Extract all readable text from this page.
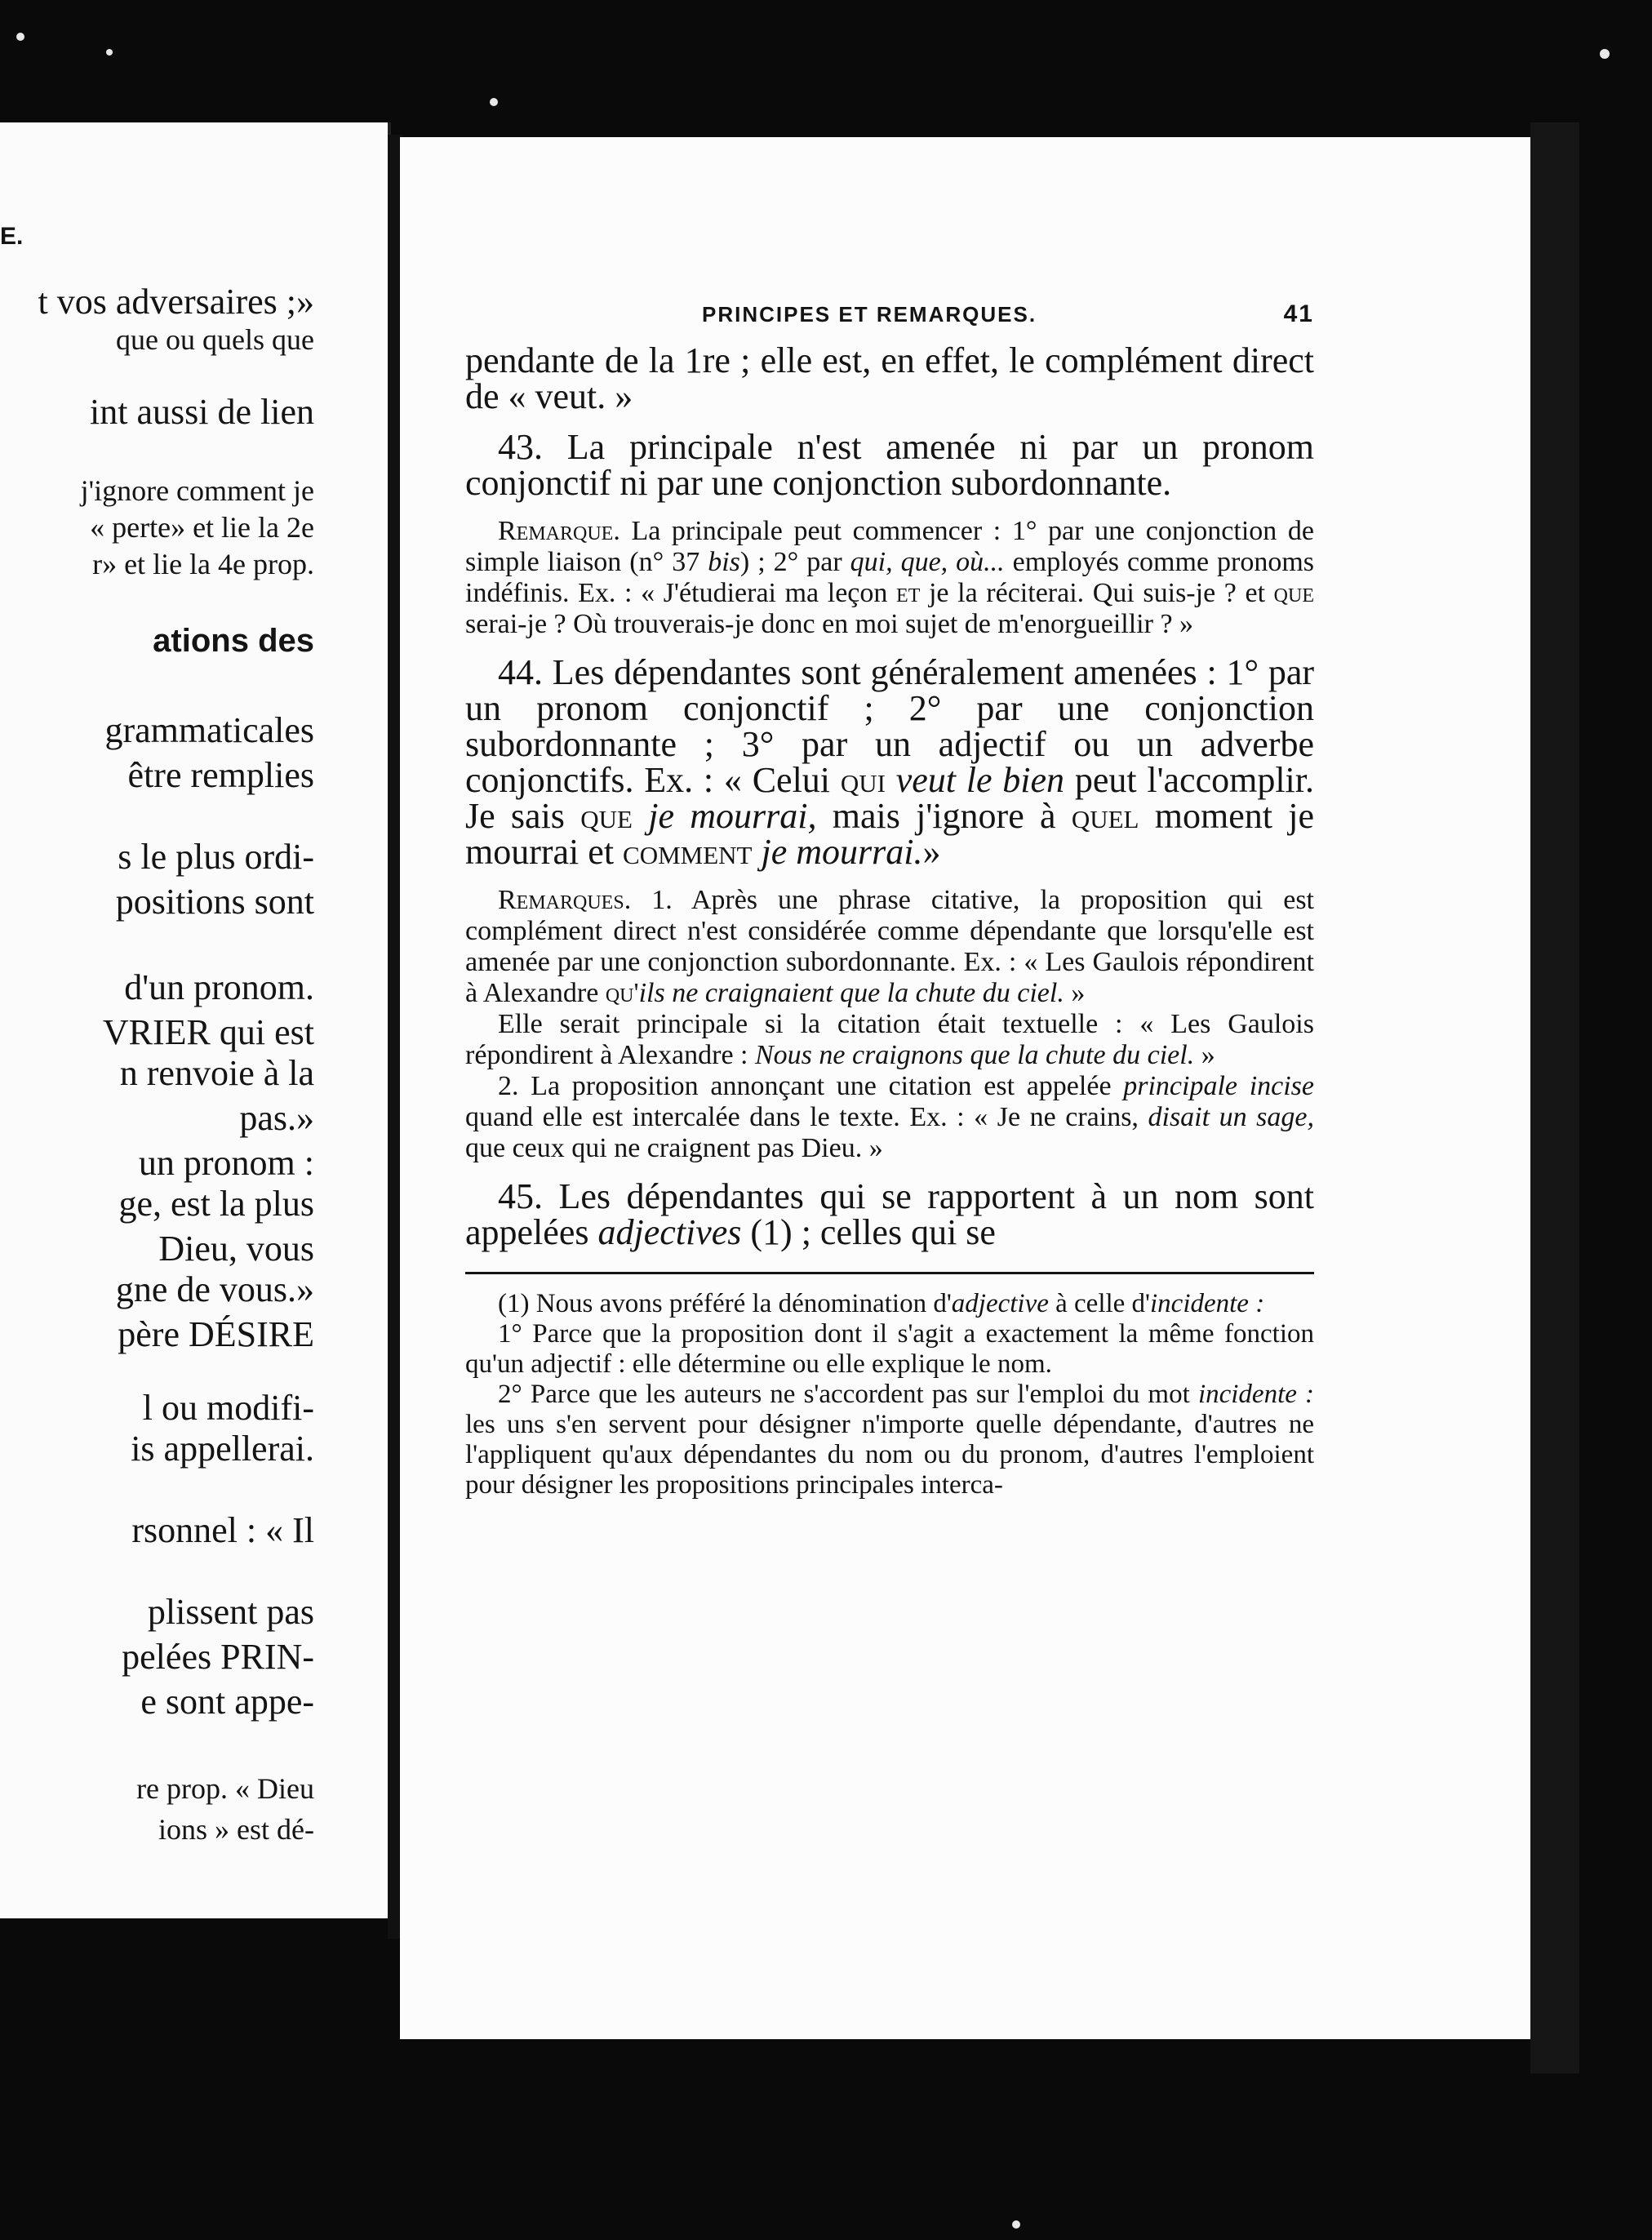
E.
t vos adversaires ;»
que ou quels que
int aussi de lien
j'ignore comment je
« perte» et lie la 2e
r» et lie la 4e prop.
ations des
grammaticales
être remplies
s le plus ordi-
positions sont
d'un pronom.
VRIER qui est
n renvoie à la
pas.»
un pronom :
ge, est la plus
Dieu, vous
gne de vous.»
père DÉSIRE
l ou modifi-
is appellerai.
rsonnel : « Il
plissent pas
pelées PRIN-
e sont appe-
re prop. « Dieu
ions » est dé-
PRINCIPES ET REMARQUES.	41

pendante de la 1re ; elle est, en effet, le complément direct de « veut. »

43. La principale n'est amenée ni par un pronom conjonctif ni par une conjonction subordonnante.

Remarque. La principale peut commencer : 1° par une conjonction de simple liaison (n° 37 bis) ; 2° par qui, que, où... employés comme pronoms indéfinis. Ex. : « J'étudierai ma leçon et je la réciterai. Qui suis-je ? et que serai-je ? Où trouverais-je donc en moi sujet de m'enorgueillir ? »

44. Les dépendantes sont généralement amenées : 1° par un pronom conjonctif ; 2° par une conjonction subordonnante ; 3° par un adjectif ou un adverbe conjonctifs. Ex. : « Celui qui veut le bien peut l'accomplir. Je sais que je mourrai, mais j'ignore à quel moment je mourrai et comment je mourrai.»

Remarques. 1. Après une phrase citative, la proposition qui est complément direct n'est considérée comme dépendante que lorsqu'elle est amenée par une conjonction subordonnante. Ex. : « Les Gaulois répondirent à Alexandre qu'ils ne craignaient que la chute du ciel. »

Elle serait principale si la citation était textuelle : « Les Gaulois répondirent à Alexandre : Nous ne craignons que la chute du ciel. »

2. La proposition annonçant une citation est appelée principale incise quand elle est intercalée dans le texte. Ex. : « Je ne crains, disait un sage, que ceux qui ne craignent pas Dieu. »

45. Les dépendantes qui se rapportent à un nom sont appelées adjectives (1) ; celles qui se

(1) Nous avons préféré la dénomination d'adjective à celle d'incidente :

1° Parce que la proposition dont il s'agit a exactement la même fonction qu'un adjectif : elle détermine ou elle explique le nom.

2° Parce que les auteurs ne s'accordent pas sur l'emploi du mot incidente : les uns s'en servent pour désigner n'importe quelle dépendante, d'autres ne l'appliquent qu'aux dépendantes du nom ou du pronom, d'autres l'emploient pour désigner les propositions principales interca-
